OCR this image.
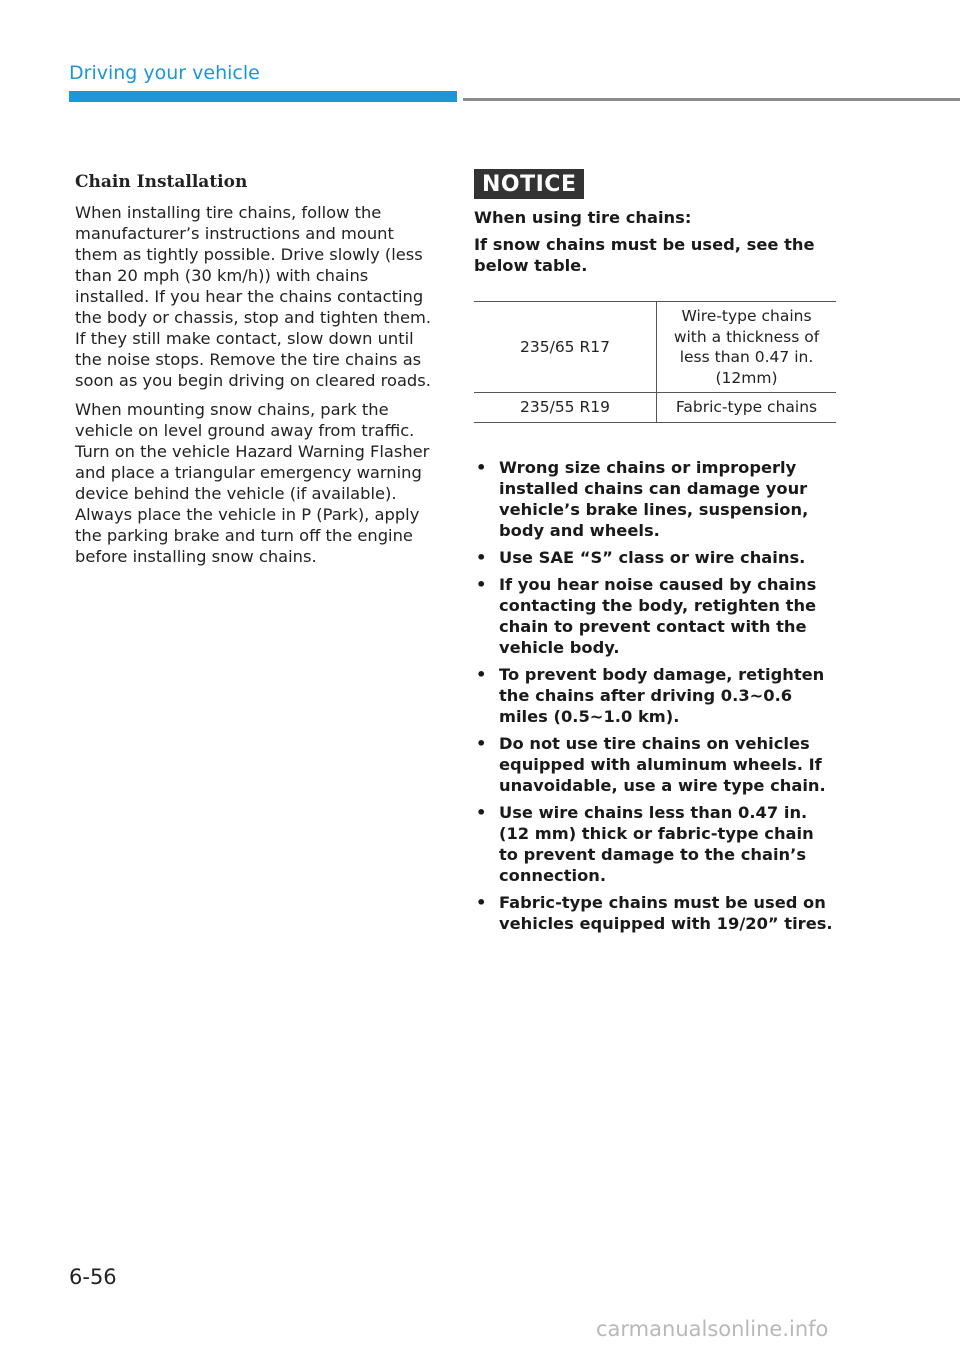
Driving your vehicle
Chain Installation

When installing tire chains, follow the manufacturer’s instructions and mount them as tightly possible. Drive slowly (less than 20 mph (30 km/h)) with chains installed. If you hear the chains contacting the body or chassis, stop and tighten them. If they still make contact, slow down until the noise stops. Remove the tire chains as soon as you begin driving on cleared roads.

When mounting snow chains, park the vehicle on level ground away from traffic. Turn on the vehicle Hazard Warning Flasher and place a triangular emergency warning device behind the vehicle (if available). Always place the vehicle in P (Park), apply the parking brake and turn off the engine before installing snow chains.

NOTICE

When using tire chains:

If snow chains must be used, see the below table.

235/65 R17	Wire-type chains with a thickness of less than 0.47 in. (12mm)
235/55 R19	Fabric-type chains
• Wrong size chains or improperly installed chains can damage your vehicle’s brake lines, suspension, body and wheels.
• Use SAE “S” class or wire chains.
• If you hear noise caused by chains contacting the body, retighten the chain to prevent contact with the vehicle body.
• To prevent body damage, retighten the chains after driving 0.3~0.6 miles (0.5~1.0 km).
• Do not use tire chains on vehicles equipped with aluminum wheels. If unavoidable, use a wire type chain.
• Use wire chains less than 0.47 in. (12 mm) thick or fabric-type chain to prevent damage to the chain’s connection.
• Fabric-type chains must be used on vehicles equipped with 19/20” tires.
6-56
carmanualsonline.info
